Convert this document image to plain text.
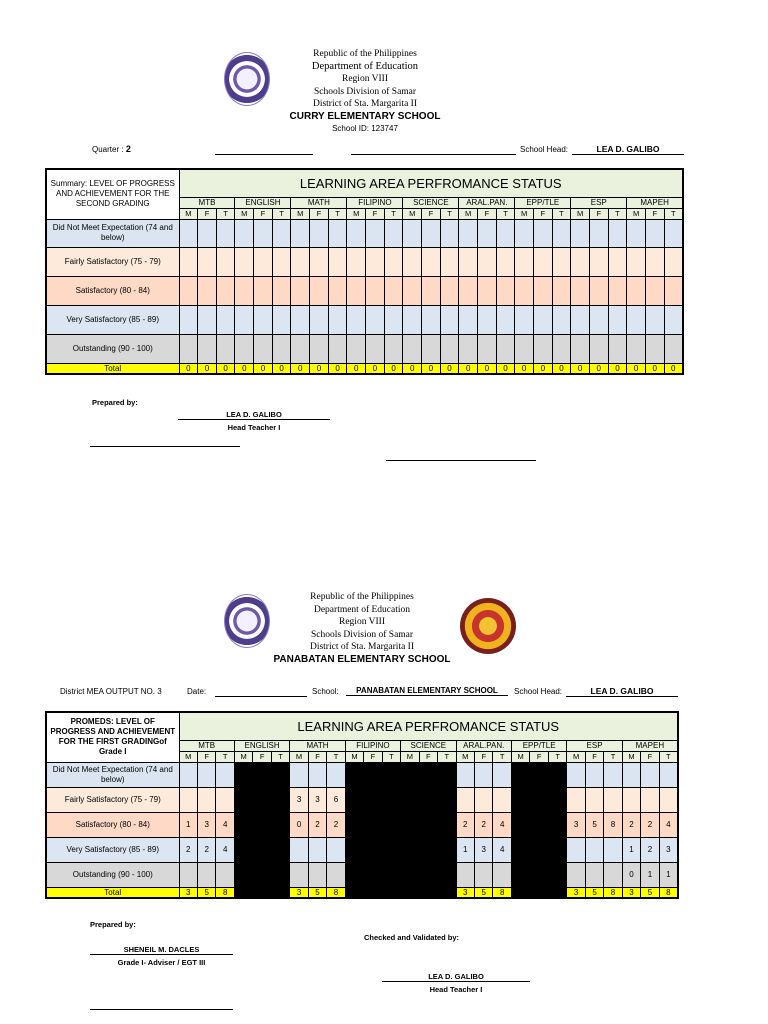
Republic of the Philippines
Department of Education
Region VIII
Schools Division of Samar
District of Sta. Margarita II
CURRY ELEMENTARY SCHOOL
School ID: 123747
Quarter : 2	School Head:	LEA D. GALIBO
Summary: LEVEL OF PROGRESS AND ACHIEVEMENT FOR THE SECOND GRADING	LEARNING AREA PERFROMANCE STATUS																										
	MTB			ENGLISH			MATH			FILIPINO			SCIENCE			ARAL.PAN.			EPP/TLE			ESP			MAPEH		
	M	F	T	M	F	T	M	F	T	M	F	T	M	F	T	M	F	T	M	F	T	M	F	T	M	F	T
Did Not Meet Expectation (74 and below)																											
Fairly Satisfactory (75 - 79)																											
Satisfactory (80 - 84)																											
Very Satisfactory (85 - 89)																											
Outstanding (90 - 100)																											
Total	0	0	0	0	0	0	0	0	0	0	0	0	0	0	0	0	0	0	0	0	0	0	0	0	0	0	0
Prepared by:
LEA D. GALIBO
Head Teacher I
Republic of the Philippines
Department of Education
Region VIII
Schools Division of Samar
District of Sta. Margarita II
PANABATAN ELEMENTARY SCHOOL
District MEA OUTPUT NO. 3	Date:	School:	PANABATAN ELEMENTARY SCHOOL	School Head:	LEA D. GALIBO
PROMEDS: LEVEL OF PROGRESS AND ACHIEVEMENT FOR THE FIRST GRADINGof Grade I	LEARNING AREA PERFROMANCE STATUS																										
	MTB			ENGLISH			MATH			FILIPINO			SCIENCE			ARAL.PAN.			EPP/TLE			ESP			MAPEH		
	M	F	T	M	F	T	M	F	T	M	F	T	M	F	T	M	F	T	M	F	T	M	F	T	M	F	T
Did Not Meet Expectation (74 and below)																											
Fairly Satisfactory (75 - 79)							3	3	6																		
Satisfactory (80 - 84)	1	3	4				0	2	2							2	2	4				3	5	8	2	2	4
Very Satisfactory (85 - 89)	2	2	4													1	3	4							1	2	3
Outstanding (90 - 100)																									0	1	1
Total	3	5	8				3	5	8							3	5	8				3	5	8	3	5	8
Prepared by:
SHENEIL M. DACLES
Grade I- Adviser / EGT III
Checked and Validated by:
LEA D. GALIBO
Head Teacher I
